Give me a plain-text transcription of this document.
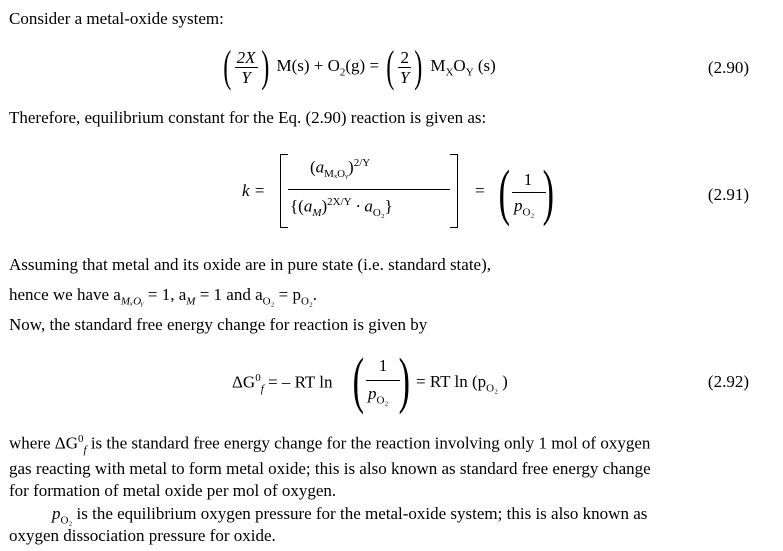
Consider a metal-oxide system:
( $\frac{2X}{Y}$ ) $M(s) + O_2(g)$ = ( $\frac{2}{Y}$ ) $M_XO_Y$ (s)	(2.90)
Therefore, equilibrium constant for the Eq. (2.90) reaction is given as:
k =
$(a_{M_xOᵧ})^{2/Y}$
$\{(a_M)^{2X/Y} \cdot a_{O_2}\}$
= ( 1
$p_{O_2}$ )	(2.91)
Assuming that metal and its oxide are in pure state (i.e. standard state),
hence we have $a_{M_xOᵧ} = 1$, $a_M = 1$ and $a_{O_2} = p_{O_2}$.
Now, the standard free energy change for reaction is given by
$\Delta G^0_f$ = – RT ln ( 1
$p_{O_2}$ ) = RT $\ln (p_{O_2}$ )	(2.92)
where $\Delta G^0_f$ is the standard free energy change for the reaction involving only 1 mol of oxygen
gas reacting with metal to form metal oxide; this is also known as standard free energy change
for formation of metal oxide per mol of oxygen.
$p_{O_2}$ is the equilibrium oxygen pressure for the metal-oxide system; this is also known as
oxygen dissociation pressure for oxide.
